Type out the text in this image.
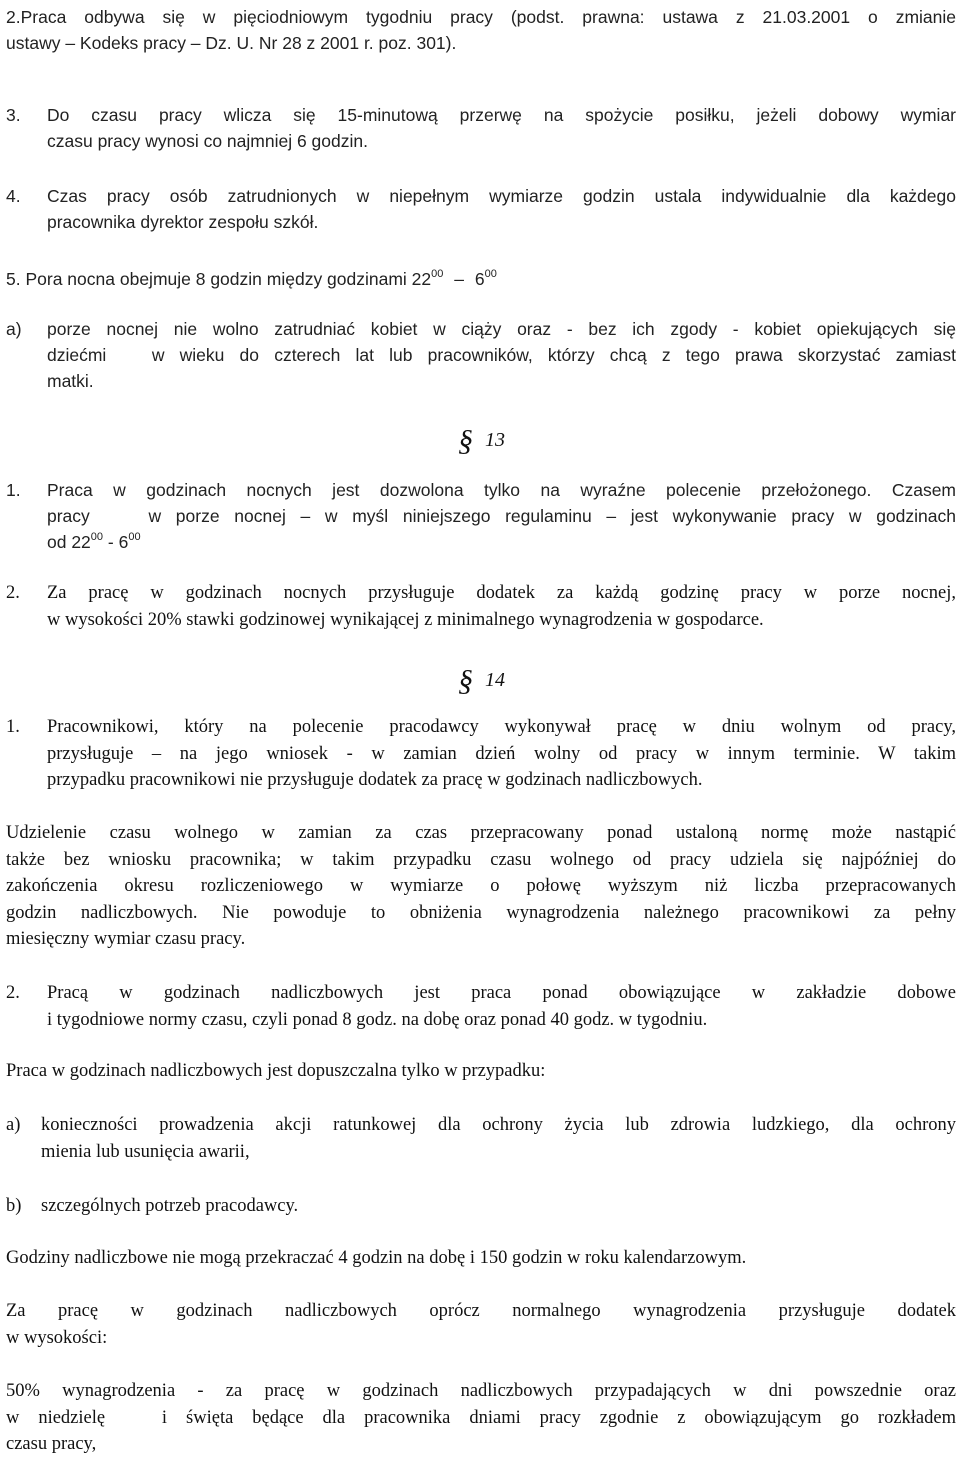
2.Praca odbywa się w pięciodniowym tygodniu pracy (podst. prawna: ustawa z 21.03.2001 o zmianie
ustawy – Kodeks pracy – Dz. U. Nr 28 z 2001 r. poz. 301).
3. Do czasu pracy wlicza się 15-minutową przerwę na spożycie posiłku, jeżeli dobowy wymiar
czasu pracy wynosi co najmniej 6 godzin.
4. Czas pracy osób zatrudnionych w niepełnym wymiarze godzin ustala indywidualnie dla każdego
pracownika dyrektor zespołu szkół.
5. Pora nocna obejmuje 8 godzin między godzinami $22^{00} - 6^{00}$
a) porze nocnej nie wolno zatrudniać kobiet w ciąży oraz - bez ich zgody - kobiet opiekujących się
dziećmi   w wieku do czterech lat lub pracowników, którzy chcą z tego prawa skorzystać zamiast
matki.
§ 13
1. Praca w godzinach nocnych jest dozwolona tylko na wyraźne polecenie przełożonego. Czasem
pracy    w porze nocnej – w myśl niniejszego regulaminu – jest wykonywanie pracy w godzinach
od $22^{00} - 6^{00}$
2. Za pracę w godzinach nocnych przysługuje dodatek za każdą godzinę pracy w porze nocnej,
w wysokości 20% stawki godzinowej wynikającej z minimalnego wynagrodzenia w gospodarce.
§ 14
1. Pracownikowi, który na polecenie pracodawcy wykonywał pracę w dniu wolnym od pracy,
przysługuje – na jego wniosek - w zamian dzień wolny od pracy w innym terminie. W takim
przypadku pracownikowi nie przysługuje dodatek za pracę w godzinach nadliczbowych.
Udzielenie czasu wolnego w zamian za czas przepracowany ponad ustaloną normę może nastąpić
także bez wniosku pracownika; w takim przypadku czasu wolnego od pracy udziela się najpóźniej do
zakończenia okresu rozliczeniowego w wymiarze o połowę wyższym niż liczba przepracowanych
godzin nadliczbowych. Nie powoduje to obniżenia wynagrodzenia należnego pracownikowi za pełny
miesięczny wymiar czasu pracy.
2. Pracą w godzinach nadliczbowych jest praca ponad obowiązujące w zakładzie dobowe
i tygodniowe normy czasu, czyli ponad 8 godz. na dobę oraz ponad 40 godz. w tygodniu.
Praca w godzinach nadliczbowych jest dopuszczalna tylko w przypadku:
a) konieczności prowadzenia akcji ratunkowej dla ochrony życia lub zdrowia ludzkiego, dla ochrony
mienia lub usunięcia awarii,
b) szczególnych potrzeb pracodawcy.
Godziny nadliczbowe nie mogą przekraczać 4 godzin na dobę i 150 godzin w roku kalendarzowym.
Za pracę w godzinach nadliczbowych oprócz normalnego wynagrodzenia przysługuje dodatek
w wysokości:
50% wynagrodzenia - za pracę w godzinach nadliczbowych przypadających w dni powszednie oraz
w niedzielę   i święta będące dla pracownika dniami pracy zgodnie z obowiązującym go rozkładem
czasu pracy,
